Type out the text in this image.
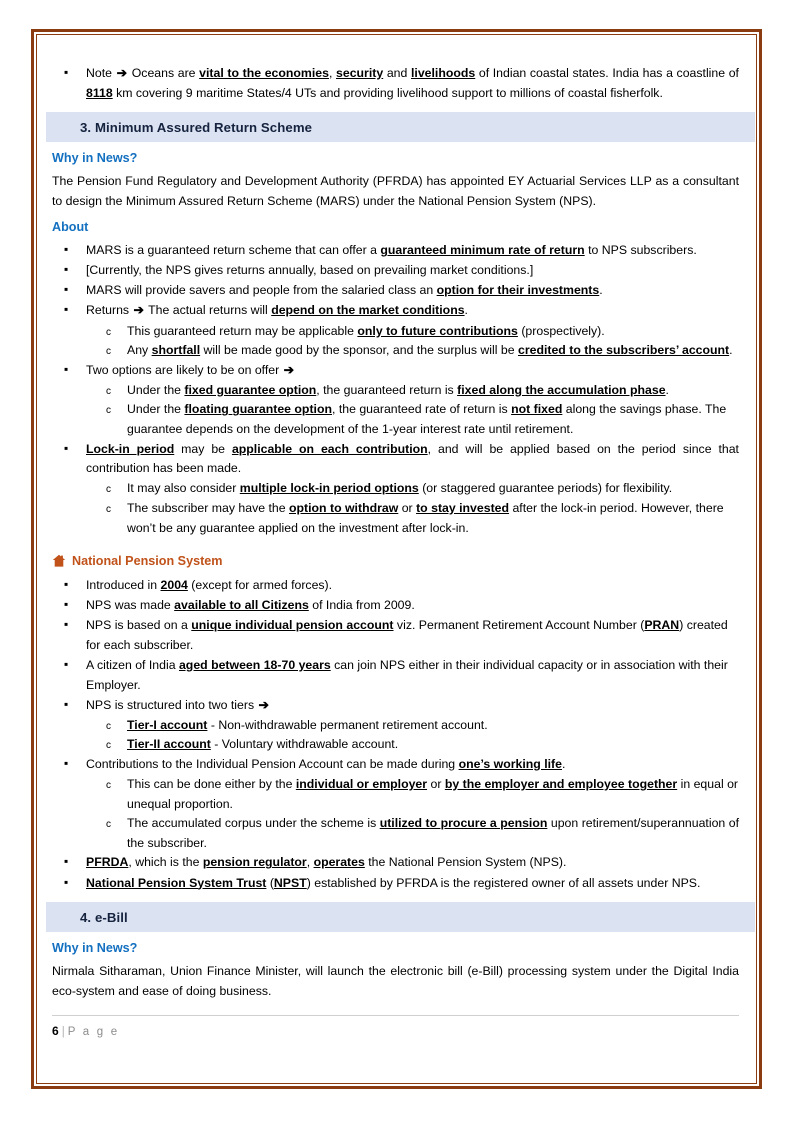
Note ➔ Oceans are vital to the economies, security and livelihoods of Indian coastal states. India has a coastline of 8118 km covering 9 maritime States/4 UTs and providing livelihood support to millions of coastal fisherfolk.
3. Minimum Assured Return Scheme
Why in News?

The Pension Fund Regulatory and Development Authority (PFRDA) has appointed EY Actuarial Services LLP as a consultant to design the Minimum Assured Return Scheme (MARS) under the National Pension System (NPS).

About
MARS is a guaranteed return scheme that can offer a guaranteed minimum rate of return to NPS subscribers.
[Currently, the NPS gives returns annually, based on prevailing market conditions.]
MARS will provide savers and people from the salaried class an option for their investments.
Returns ➔ The actual returns will depend on the market conditions.
This guaranteed return may be applicable only to future contributions (prospectively).
Any shortfall will be made good by the sponsor, and the surplus will be credited to the subscribers’ account.
Two options are likely to be on offer ➔
Under the fixed guarantee option, the guaranteed return is fixed along the accumulation phase.
Under the floating guarantee option, the guaranteed rate of return is not fixed along the savings phase. The guarantee depends on the development of the 1-year interest rate until retirement.
Lock-in period may be applicable on each contribution, and will be applied based on the period since that contribution has been made.
It may also consider multiple lock-in period options (or staggered guarantee periods) for flexibility.
The subscriber may have the option to withdraw or to stay invested after the lock-in period. However, there won’t be any guarantee applied on the investment after lock-in.
National Pension System
Introduced in 2004 (except for armed forces).
NPS was made available to all Citizens of India from 2009.
NPS is based on a unique individual pension account viz. Permanent Retirement Account Number (PRAN) created for each subscriber.
A citizen of India aged between 18-70 years can join NPS either in their individual capacity or in association with their Employer.
NPS is structured into two tiers ➔
Tier-I account - Non-withdrawable permanent retirement account.
Tier-II account - Voluntary withdrawable account.
Contributions to the Individual Pension Account can be made during one’s working life.
This can be done either by the individual or employer or by the employer and employee together in equal or unequal proportion.
The accumulated corpus under the scheme is utilized to procure a pension upon retirement/superannuation of the subscriber.
PFRDA, which is the pension regulator, operates the National Pension System (NPS).
National Pension System Trust (NPST) established by PFRDA is the registered owner of all assets under NPS.
4. e-Bill
Why in News?

Nirmala Sitharaman, Union Finance Minister, will launch the electronic bill (e-Bill) processing system under the Digital India eco-system and ease of doing business.

6 | P a g e
